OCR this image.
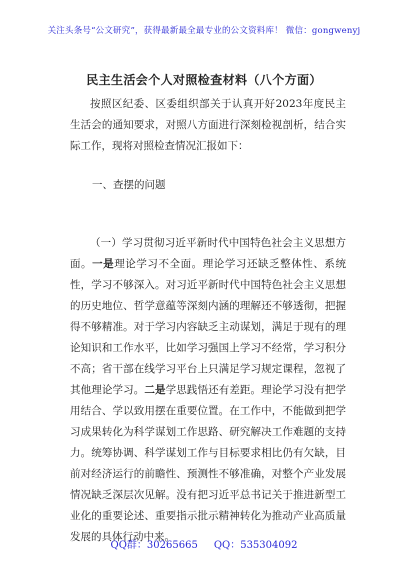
关注头条号“公文研究”，获得最新最全最专业的公文资料库！ 微信：gongwenyj
民主生活会个人对照检查材料（八个方面）
按照区纪委、区委组织部关于认真开好2023年度民主生活会的通知要求，对照八方面进行深刻检视剖析，结合实际工作，现将对照检查情况汇报如下：
一、查摆的问题
（一）学习贯彻习近平新时代中国特色社会主义思想方面。一是理论学习不全面。理论学习还缺乏整体性、系统性，学习不够深入。对习近平新时代中国特色社会主义思想的历史地位、哲学意蕴等深刻内涵的理解还不够透彻，把握得不够精准。对于学习内容缺乏主动谋划，满足于现有的理论知识和工作水平，比如学习强国上学习不经常，学习积分不高；省干部在线学习平台上只满足学习规定课程，忽视了其他理论学习。二是学思践悟还有差距。理论学习没有把学用结合、学以致用摆在重要位置。在工作中，不能做到把学习成果转化为科学谋划工作思路、研究解决工作难题的支持力。统筹协调、科学谋划工作与目标要求相比仍有欠缺，目前对经济运行的前瞻性、预测性不够准确，对整个产业发展情况缺乏深层次见解。没有把习近平总书记关于推进新型工业化的重要论述、重要指示批示精神转化为推动产业高质量发展的具体行动中来。
QQ群：30265665 QQ：535304092
